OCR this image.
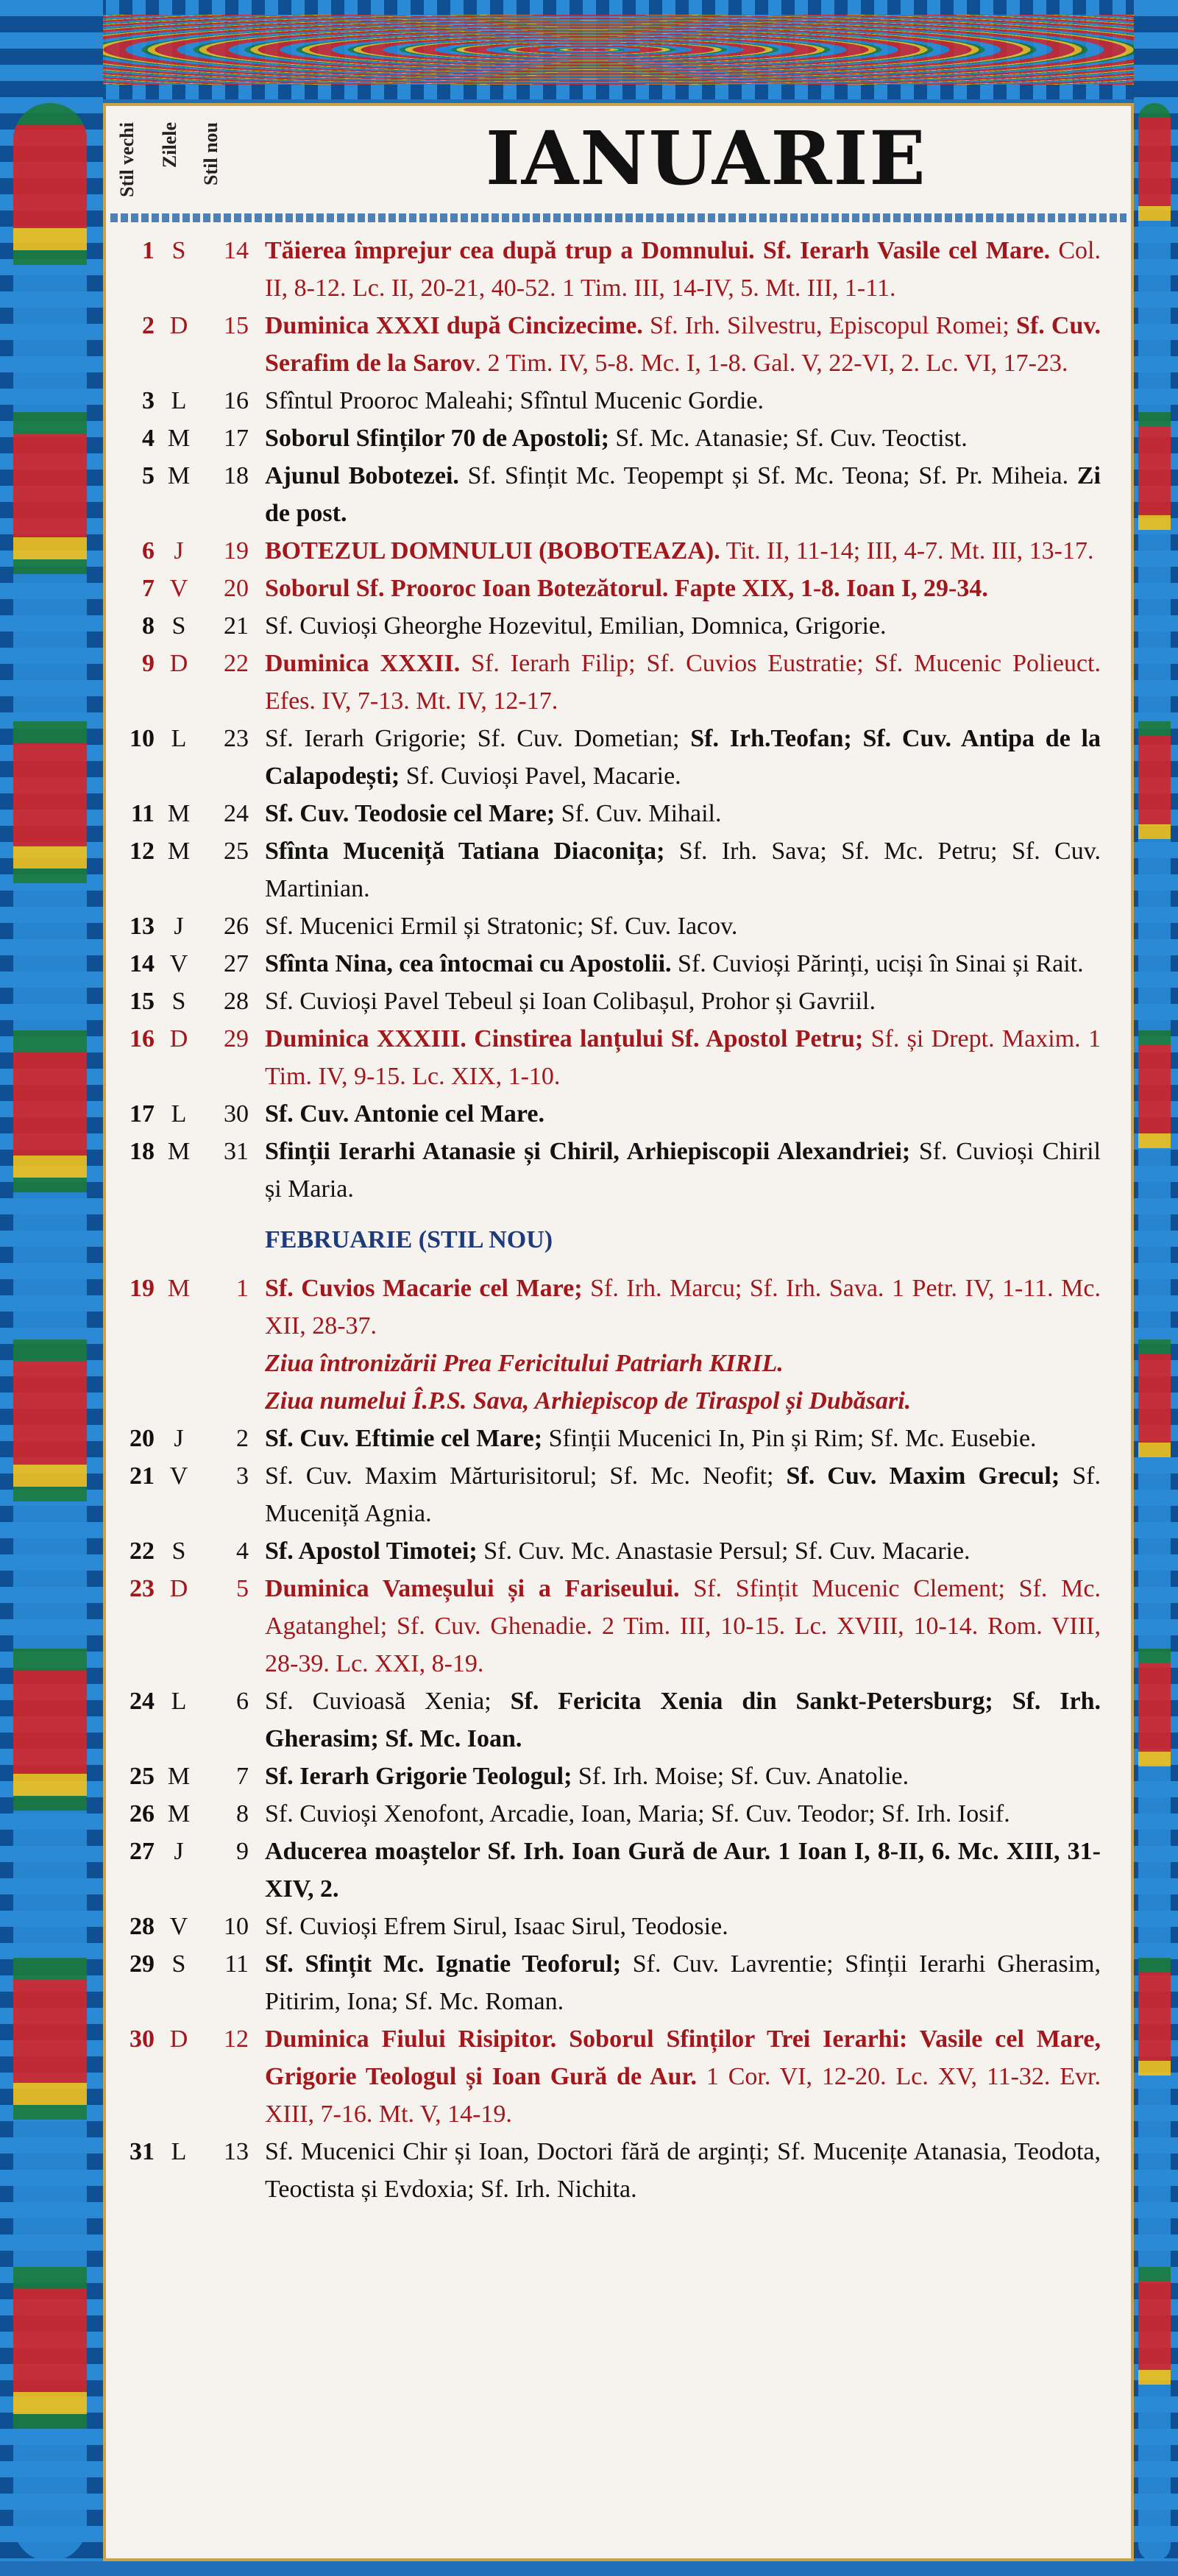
Stil vechi Zilele Stil nou	IANUARIE
1 S	14 Tăierea împrejur cea după trup a Domnului. Sf. Ierarh Vasile cel Mare. Col. II, 8-12. Lc. II, 20-21, 40-52. 1 Tim. III, 14-IV, 5. Mt. III, 1-11.
2 D	15 Duminica XXXI după Cincizecime. Sf. Irh. Silvestru, Episcopul Romei; Sf. Cuv. Serafim de la Sarov. 2 Tim. IV, 5-8. Mc. I, 1-8. Gal. V, 22-VI, 2. Lc. VI, 17-23.
3 L	16 Sfîntul Prooroc Maleahi; Sfîntul Mucenic Gordie.
4 M	17 Soborul Sfinților 70 de Apostoli; Sf. Mc. Atanasie; Sf. Cuv. Teoctist.
5 M	18 Ajunul Bobotezei. Sf. Sfințit Mc. Teopempt și Sf. Mc. Teona; Sf. Pr. Miheia. Zi de post.
6 J	19 BOTEZUL DOMNULUI (BOBOTEAZA). Tit. II, 11-14; III, 4-7. Mt. III, 13-17.
7 V	20 Soborul Sf. Prooroc Ioan Botezătorul. Fapte XIX, 1-8. Ioan I, 29-34.
8 S	21 Sf. Cuvioși Gheorghe Hozevitul, Emilian, Domnica, Grigorie.
9 D	22 Duminica XXXII. Sf. Ierarh Filip; Sf. Cuvios Eustratie; Sf. Mucenic Polieuct. Efes. IV, 7-13. Mt. IV, 12-17.
10 L	23 Sf. Ierarh Grigorie; Sf. Cuv. Dometian; Sf. Irh.Teofan; Sf. Cuv. Antipa de la Calapodești; Sf. Cuvioși Pavel, Macarie.
11 M	24 Sf. Cuv. Teodosie cel Mare; Sf. Cuv. Mihail.
12 M	25 Sfînta Muceniță Tatiana Diaconița; Sf. Irh. Sava; Sf. Mc. Petru; Sf. Cuv. Martinian.
13 J	26 Sf. Mucenici Ermil și Stratonic; Sf. Cuv. Iacov.
14 V	27 Sfînta Nina, cea întocmai cu Apostolii. Sf. Cuvioși Părinți, uciși în Sinai și Rait.
15 S	28 Sf. Cuvioși Pavel Tebeul și Ioan Colibașul, Prohor și Gavriil.
16 D	29 Duminica XXXIII. Cinstirea lanțului Sf. Apostol Petru; Sf. și Drept. Maxim. 1 Tim. IV, 9-15. Lc. XIX, 1-10.
17 L	30 Sf. Cuv. Antonie cel Mare.
18 M	31 Sfinții Ierarhi Atanasie și Chiril, Arhiepiscopii Alexandriei; Sf. Cuvioși Chiril și Maria.
FEBRUARIE (STIL NOU)
19 M	1 Sf. Cuvios Macarie cel Mare; Sf. Irh. Marcu; Sf. Irh. Sava. 1 Petr. IV, 1-11. Mc. XII, 28-37.
Ziua întronizării Prea Fericitului Patriarh KIRIL.
Ziua numelui Î.P.S. Sava, Arhiepiscop de Tiraspol și Dubăsari.
20 J	2 Sf. Cuv. Eftimie cel Mare; Sfinții Mucenici In, Pin și Rim; Sf. Mc. Eusebie.
21 V	3 Sf. Cuv. Maxim Mărturisitorul; Sf. Mc. Neofit; Sf. Cuv. Maxim Grecul; Sf. Muceniță Agnia.
22 S	4 Sf. Apostol Timotei; Sf. Cuv. Mc. Anastasie Persul; Sf. Cuv. Macarie.
23 D	5 Duminica Vameșului și a Fariseului. Sf. Sfințit Mucenic Clement; Sf. Mc. Agatanghel; Sf. Cuv. Ghenadie. 2 Tim. III, 10-15. Lc. XVIII, 10-14. Rom. VIII, 28-39. Lc. XXI, 8-19.
24 L	6 Sf. Cuvioasă Xenia; Sf. Fericita Xenia din Sankt-Petersburg; Sf. Irh. Gherasim; Sf. Mc. Ioan.
25 M	7 Sf. Ierarh Grigorie Teologul; Sf. Irh. Moise; Sf. Cuv. Anatolie.
26 M	8 Sf. Cuvioși Xenofont, Arcadie, Ioan, Maria; Sf. Cuv. Teodor; Sf. Irh. Iosif.
27 J	9 Aducerea moaștelor Sf. Irh. Ioan Gură de Aur. 1 Ioan I, 8-II, 6. Mc. XIII, 31-XIV, 2.
28 V	10 Sf. Cuvioși Efrem Sirul, Isaac Sirul, Teodosie.
29 S	11 Sf. Sfințit Mc. Ignatie Teoforul; Sf. Cuv. Lavrentie; Sfinții Ierarhi Gherasim, Pitirim, Iona; Sf. Mc. Roman.
30 D	12 Duminica Fiului Risipitor. Soborul Sfinților Trei Ierarhi: Vasile cel Mare, Grigorie Teologul și Ioan Gură de Aur. 1 Cor. VI, 12-20. Lc. XV, 11-32. Evr. XIII, 7-16. Mt. V, 14-19.
31 L	13 Sf. Mucenici Chir și Ioan, Doctori fără de arginți; Sf. Mucenițe Atanasia, Teodota, Teoctista și Evdoxia; Sf. Irh. Nichita.
